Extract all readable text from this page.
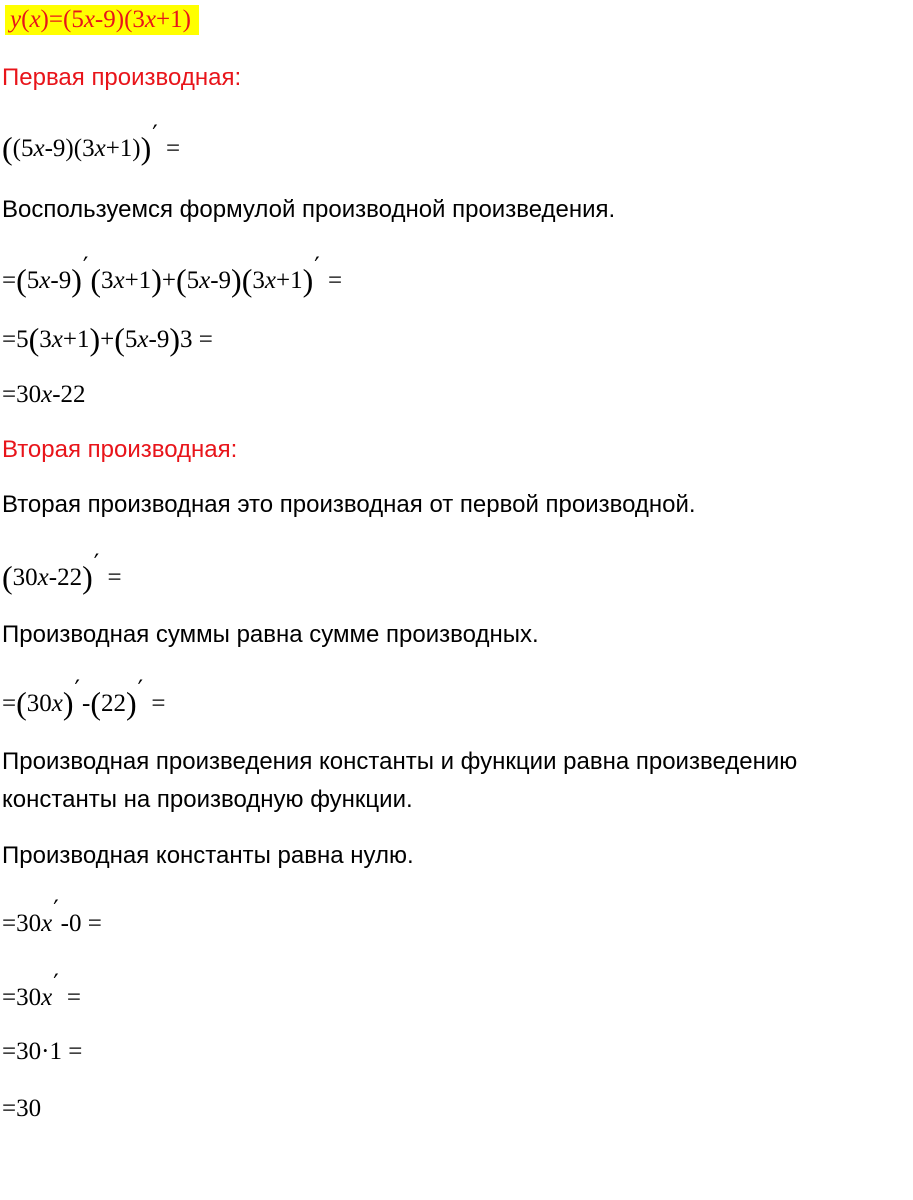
y(x)=(5x-9)(3x+1)
Первая производная:
((5x-9)(3x+1))′ =
Воспользуемся формулой производной произведения.
=(5x-9)′(3x+1)+(5x-9)(3x+1)′ =
=5(3x+1)+(5x-9)3 =
=30x-22
Вторая производная:
Вторая производная это производная от первой производной.
(30x-22)′ =
Производная суммы равна сумме производных.
=(30x)′-(22)′ =
Производная произведения константы и функции равна произведению константы на производную функции.
Производная константы равна нулю.
=30x′-0 =
=30x′ =
=30·1 =
=30
